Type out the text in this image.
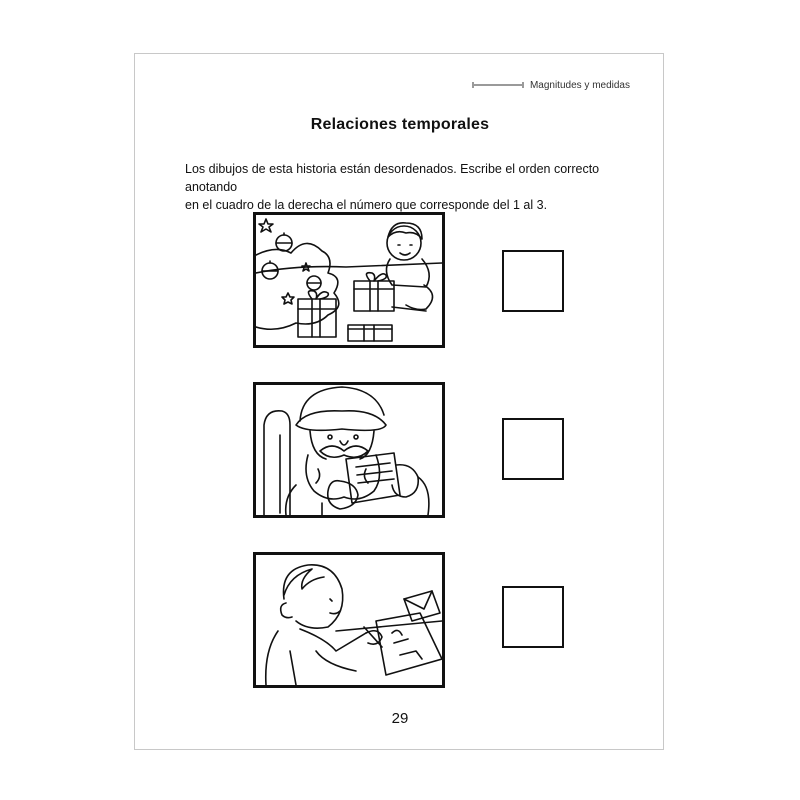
Magnitudes y medidas
Relaciones temporales

Los dibujos de esta historia están desordenados. Escribe el orden correcto anotando

en el cuadro de la derecha el número que corresponde del 1 al 3.

29
